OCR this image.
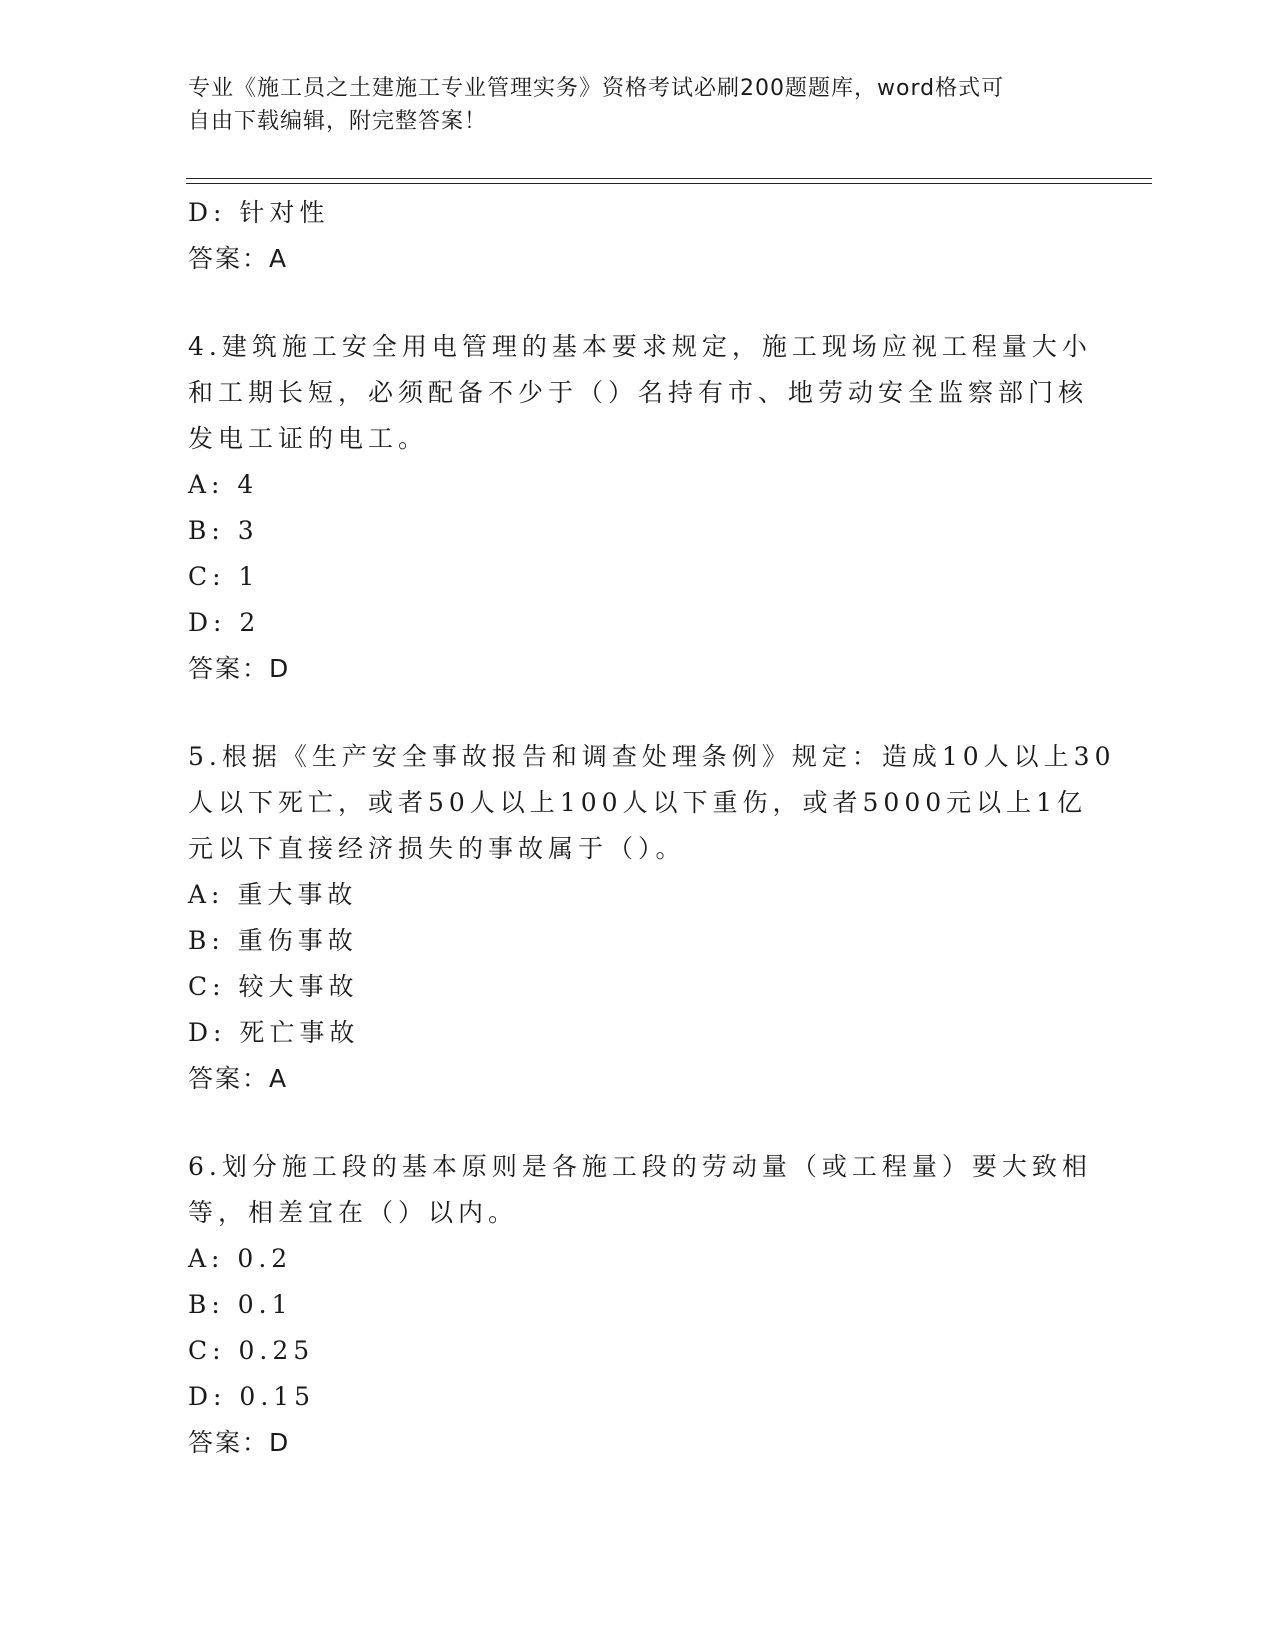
专业《施工员之土建施工专业管理实务》资格考试必刷200题题库，word格式可
自由下载编辑，附完整答案！
D: 针对性
答案：A
4.建筑施工安全用电管理的基本要求规定，施工现场应视工程量大小
和工期长短，必须配备不少于（）名持有市、地劳动安全监察部门核
发电工证的电工。
A: 4
B: 3
C: 1
D: 2
答案：D
5.根据《生产安全事故报告和调查处理条例》规定：造成10人以上30
人以下死亡，或者50人以上100人以下重伤，或者5000元以上1亿
元以下直接经济损失的事故属于（）。
A: 重大事故
B: 重伤事故
C: 较大事故
D: 死亡事故
答案：A
6.划分施工段的基本原则是各施工段的劳动量（或工程量）要大致相
等，相差宜在（）以内。
A: 0.2
B: 0.1
C: 0.25
D: 0.15
答案：D
